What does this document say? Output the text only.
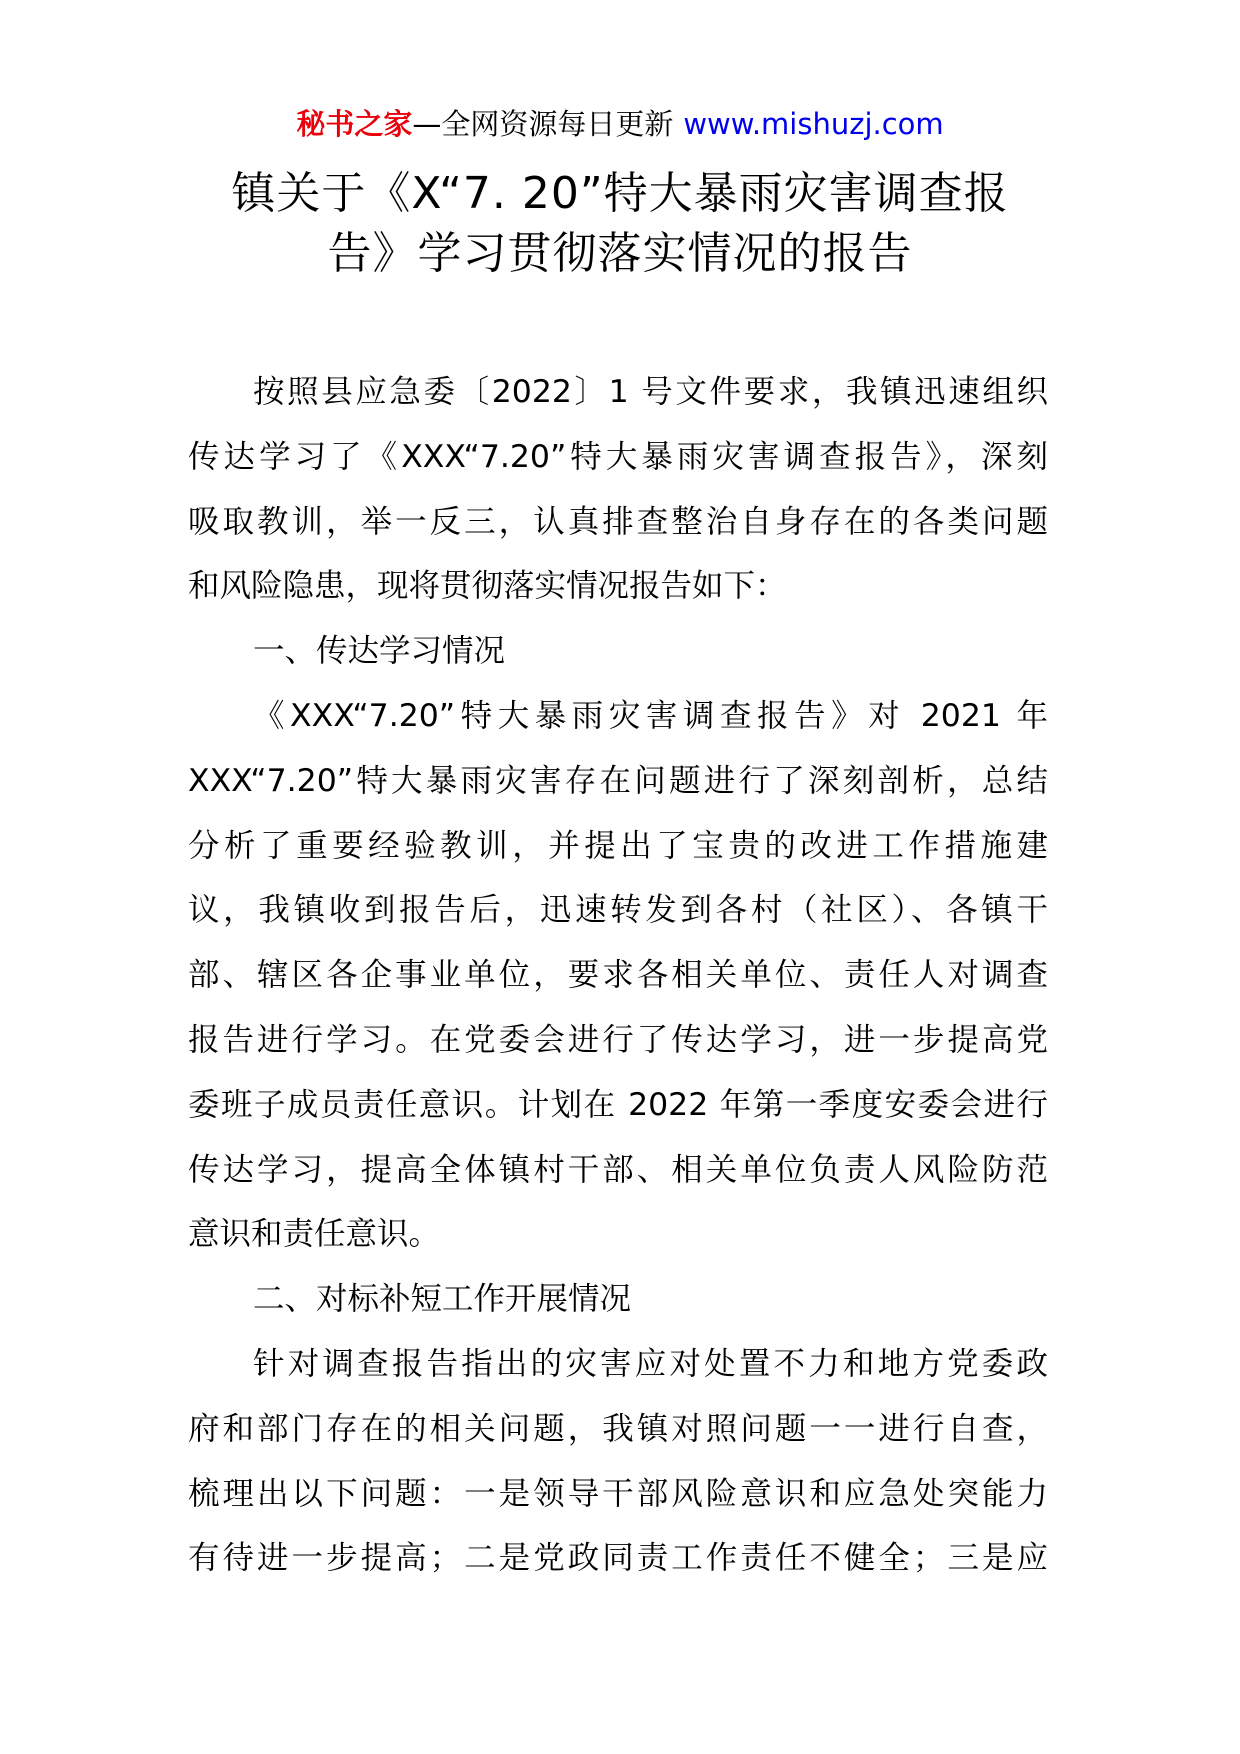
秘书之家—全网资源每日更新 www.mishuzj.com
镇关于《X“7. 20”特大暴雨灾害调查报
告》学习贯彻落实情况的报告
按照县应急委〔2022〕1 号文件要求，我镇迅速组织
传达学习了《XXX“7.20”特大暴雨灾害调查报告》，深刻
吸取教训，举一反三，认真排查整治自身存在的各类问题
和风险隐患，现将贯彻落实情况报告如下：

一、传达学习情况

《XXX“7.20”特大暴雨灾害调查报告》对 2021 年
XXX“7.20”特大暴雨灾害存在问题进行了深刻剖析，总结
分析了重要经验教训，并提出了宝贵的改进工作措施建
议，我镇收到报告后，迅速转发到各村（社区）、各镇干
部、辖区各企事业单位，要求各相关单位、责任人对调查
报告进行学习。在党委会进行了传达学习，进一步提高党
委班子成员责任意识。计划在 2022 年第一季度安委会进行
传达学习，提高全体镇村干部、相关单位负责人风险防范
意识和责任意识。

二、对标补短工作开展情况

针对调查报告指出的灾害应对处置不力和地方党委政
府和部门存在的相关问题，我镇对照问题一一进行自查，
梳理出以下问题：一是领导干部风险意识和应急处突能力
有待进一步提高；二是党政同责工作责任不健全；三是应
